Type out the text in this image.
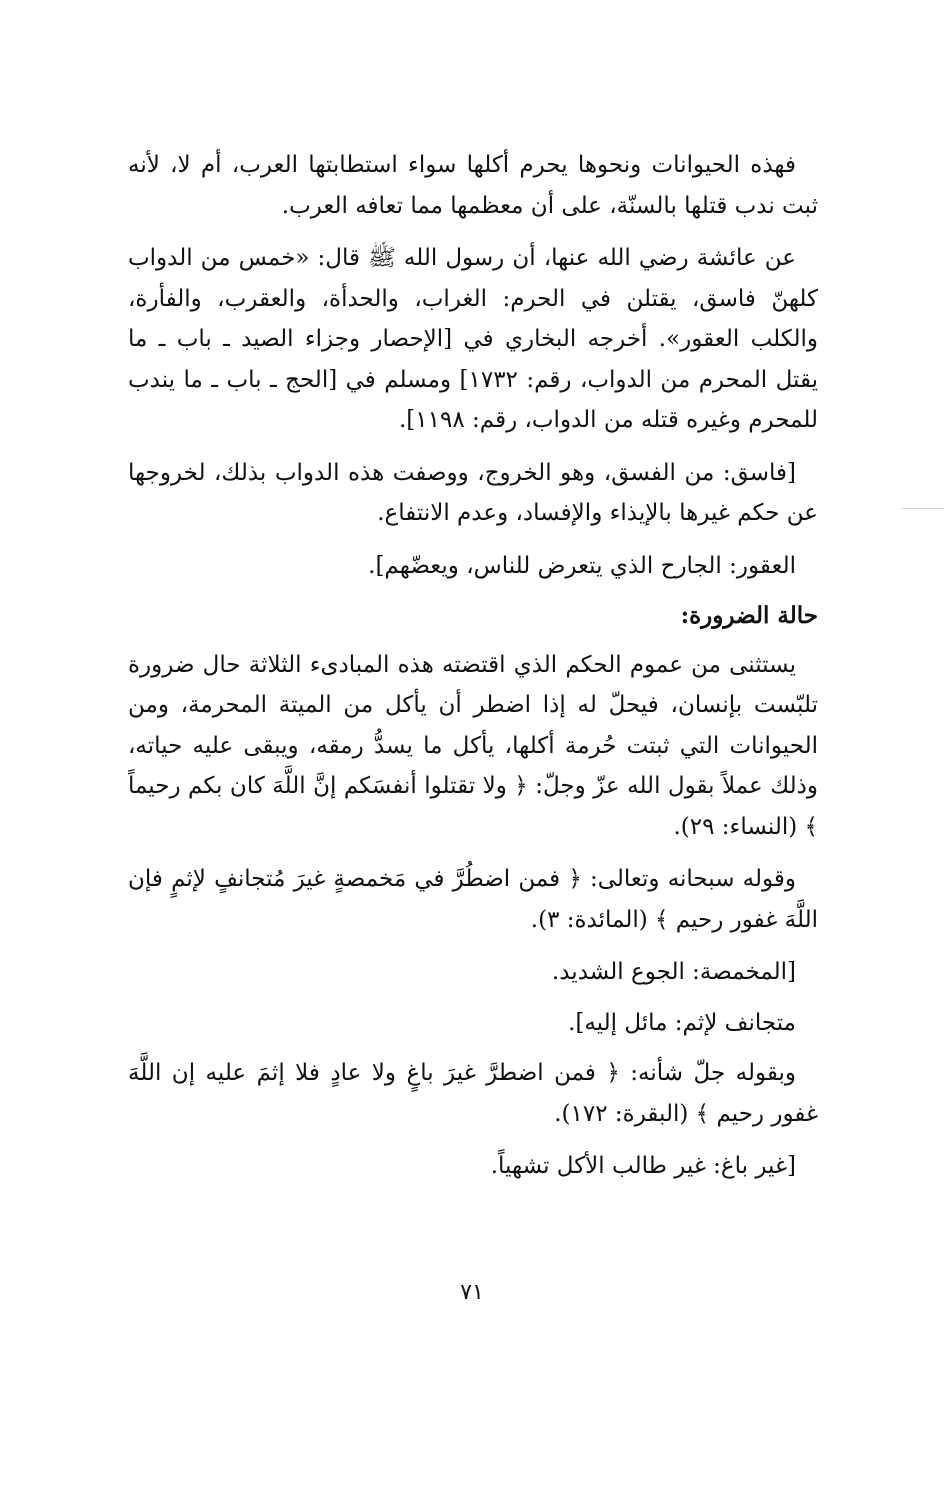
فهذه الحيوانات ونحوها يحرم أكلها سواء استطابتها العرب، أم لا، لأنه ثبت ندب قتلها بالسنّة، على أن معظمها مما تعافه العرب.

عن عائشة رضي الله عنها، أن رسول الله ﷺ قال: «خمس من الدواب كلهنّ فاسق، يقتلن في الحرم: الغراب، والحدأة، والعقرب، والفأرة، والكلب العقور». أخرجه البخاري في [الإحصار وجزاء الصيد ـ باب ـ ما يقتل المحرم من الدواب، رقم: ١٧٣٢] ومسلم في [الحج ـ باب ـ ما يندب للمحرم وغيره قتله من الدواب، رقم: ١١٩٨].

[فاسق: من الفسق، وهو الخروج، ووصفت هذه الدواب بذلك، لخروجها عن حكم غيرها بالإيذاء والإفساد، وعدم الانتفاع.

العقور: الجارح الذي يتعرض للناس، ويعضّهم].

حالة الضرورة:

يستثنى من عموم الحكم الذي اقتضته هذه المبادىء الثلاثة حال ضرورة تلبّست بإنسان، فيحلّ له إذا اضطر أن يأكل من الميتة المحرمة، ومن الحيوانات التي ثبتت حُرمة أكلها، يأكل ما يسدُّ رمقه، ويبقى عليه حياته، وذلك عملاً بقول الله عزّ وجلّ: ﴿ ولا تقتلوا أنفسَكم إنَّ اللَّهَ كان بكم رحيماً ﴾ (النساء: ٢٩).

وقوله سبحانه وتعالى: ﴿ فمن اضطُرَّ في مَخمصةٍ غيرَ مُتجانفٍ لإثمٍ فإن اللَّهَ غفور رحيم ﴾ (المائدة: ٣).

[المخمصة: الجوع الشديد.

متجانف لإثم: مائل إليه].

وبقوله جلّ شأنه: ﴿ فمن اضطرَّ غيرَ باغٍ ولا عادٍ فلا إثمَ عليه إن اللَّهَ غفور رحيم ﴾ (البقرة: ١٧٢).

[غير باغ: غير طالب الأكل تشهياً.

٧١
